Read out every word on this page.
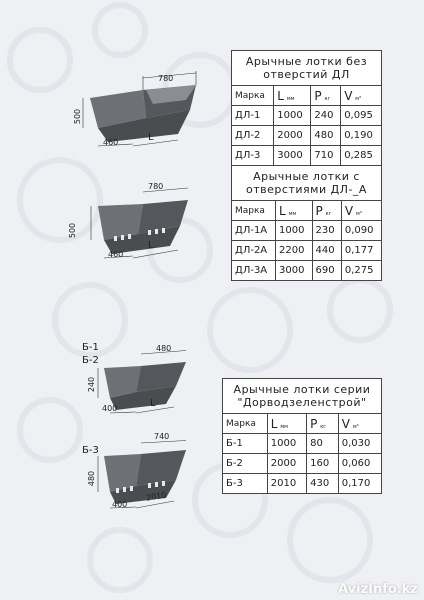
Арычные лотки без отверстий ДЛ			
Марка	L мм	P кг	V м³
ДЛ-1	1000	240	0,095
ДЛ-2	2000	480	0,190
ДЛ-3	3000	710	0,285
Арычные лотки с отверстиями ДЛ-_А			
Марка	L мм	P кг	V м³
ДЛ-1А	1000	230	0,090
ДЛ-2А	2200	440	0,177
ДЛ-3А	3000	690	0,275
Арычные лотки серии "Дорводзеленстрой"			
Марка	L мм	P кг	V м³
Б-1	1000	80	0,030
Б-2	2000	160	0,060
Б-3	2010	430	0,170
780
500
460	L
780
500
460
L
Б-1
Б-2
480
240
400	L
Б-3
740
480
400
2010
AvizInfo.kz
